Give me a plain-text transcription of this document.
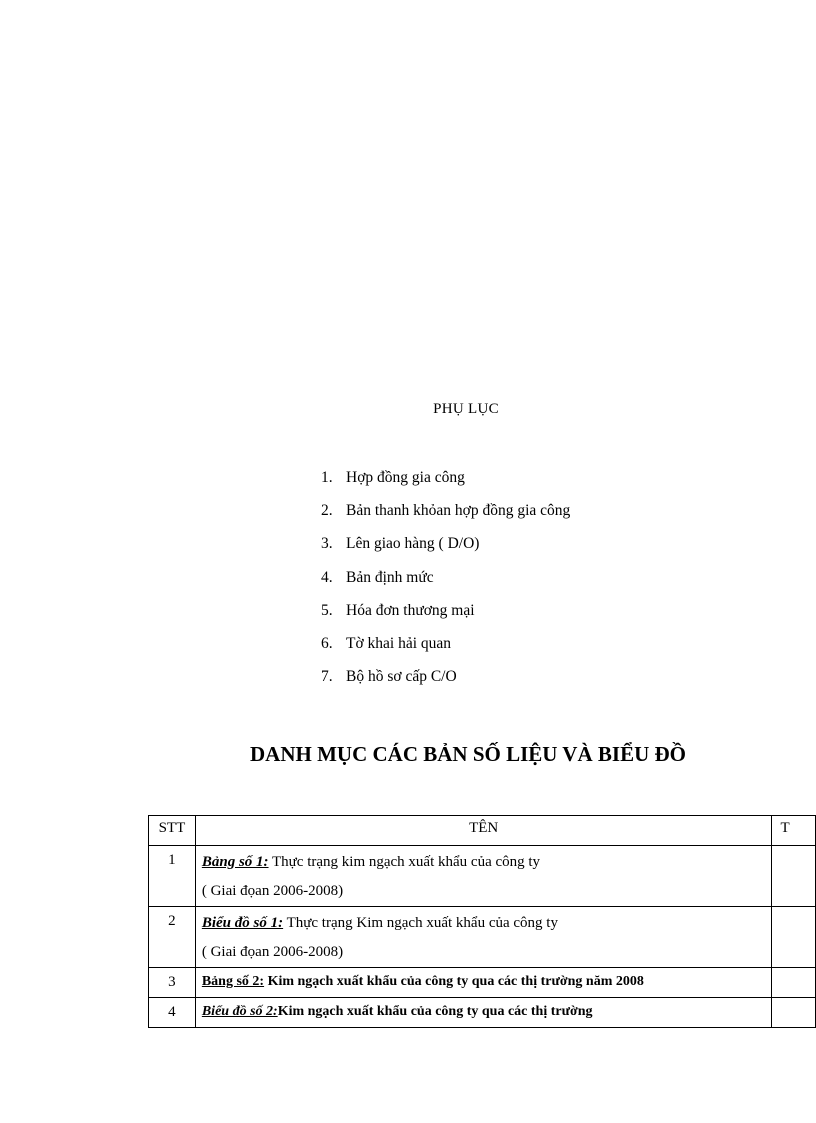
PHỤ LỤC
1. Hợp đồng gia công
2. Bản thanh khỏan hợp đồng gia công
3. Lên giao hàng ( D/O)
4. Bản định mức
5. Hóa đơn thương mại
6. Tờ khai hải quan
7. Bộ hồ sơ cấp C/O
DANH MỤC CÁC BẢN SỐ LIỆU VÀ BIỂU ĐỒ
STT	TÊN	T
1	Bảng số 1: Thực trạng kim ngạch xuất khẩu của công ty
( Giai đọan 2006-2008)	

2	Biểu đồ số 1: Thực trạng Kim ngạch xuất khẩu của công ty
( Giai đọan 2006-2008)	

3	Bảng số 2: Kim ngạch xuất khẩu của công ty qua các thị trường năm 2008	

4	Biểu đồ số 2:Kim ngạch xuất khẩu của công ty qua các thị trường	
